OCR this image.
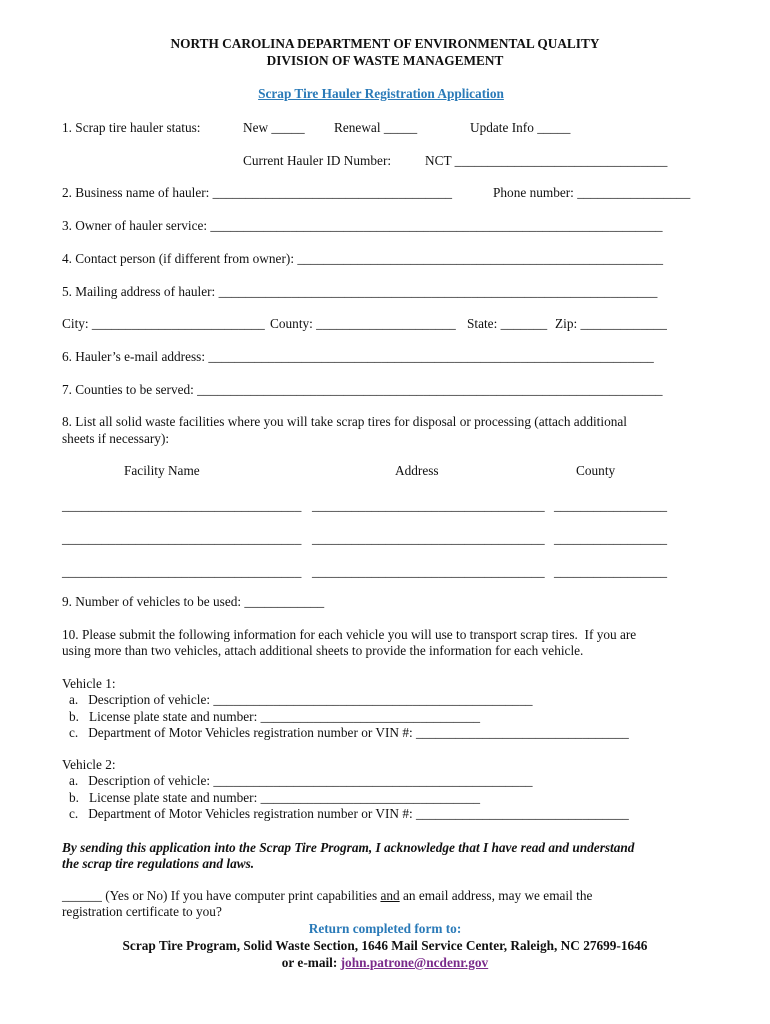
NORTH CAROLINA DEPARTMENT OF ENVIRONMENTAL QUALITY
DIVISION OF WASTE MANAGEMENT
Scrap Tire Hauler Registration Application
1. Scrap tire hauler status:	New _____ Renewal _____	Update Info _____
Current Hauler ID Number:	NCT ________________________________
2. Business name of hauler: ____________________________________	Phone number: _________________
3. Owner of hauler service: ____________________________________________________________________
4. Contact person (if different from owner): _______________________________________________________
5. Mailing address of hauler: __________________________________________________________________
City: __________________________ County: _____________________ State: _______ Zip: _____________
6. Hauler’s e-mail address: ___________________________________________________________________
7. Counties to be served: ______________________________________________________________________
8. List all solid waste facilities where you will take scrap tires for disposal or processing (attach additional
sheets if necessary):
Facility Name	Address	County
____________________________________ ___________________________________ _________________
____________________________________ ___________________________________ _________________
____________________________________ ___________________________________ _________________
9. Number of vehicles to be used: ____________
10. Please submit the following information for each vehicle you will use to transport scrap tires.  If you are
using more than two vehicles, attach additional sheets to provide the information for each vehicle.
Vehicle 1:
a.   Description of vehicle: ________________________________________________
b.   License plate state and number: _________________________________
c.   Department of Motor Vehicles registration number or VIN #: ________________________________
Vehicle 2:
a.   Description of vehicle: ________________________________________________
b.   License plate state and number: _________________________________
c.   Department of Motor Vehicles registration number or VIN #: ________________________________
By sending this application into the Scrap Tire Program, I acknowledge that I have read and understand
the scrap tire regulations and laws.
______ (Yes or No) If you have computer print capabilities and an email address, may we email the
registration certificate to you?
Return completed form to:
Scrap Tire Program, Solid Waste Section, 1646 Mail Service Center, Raleigh, NC 27699-1646
or e-mail: john.patrone@ncdenr.gov
